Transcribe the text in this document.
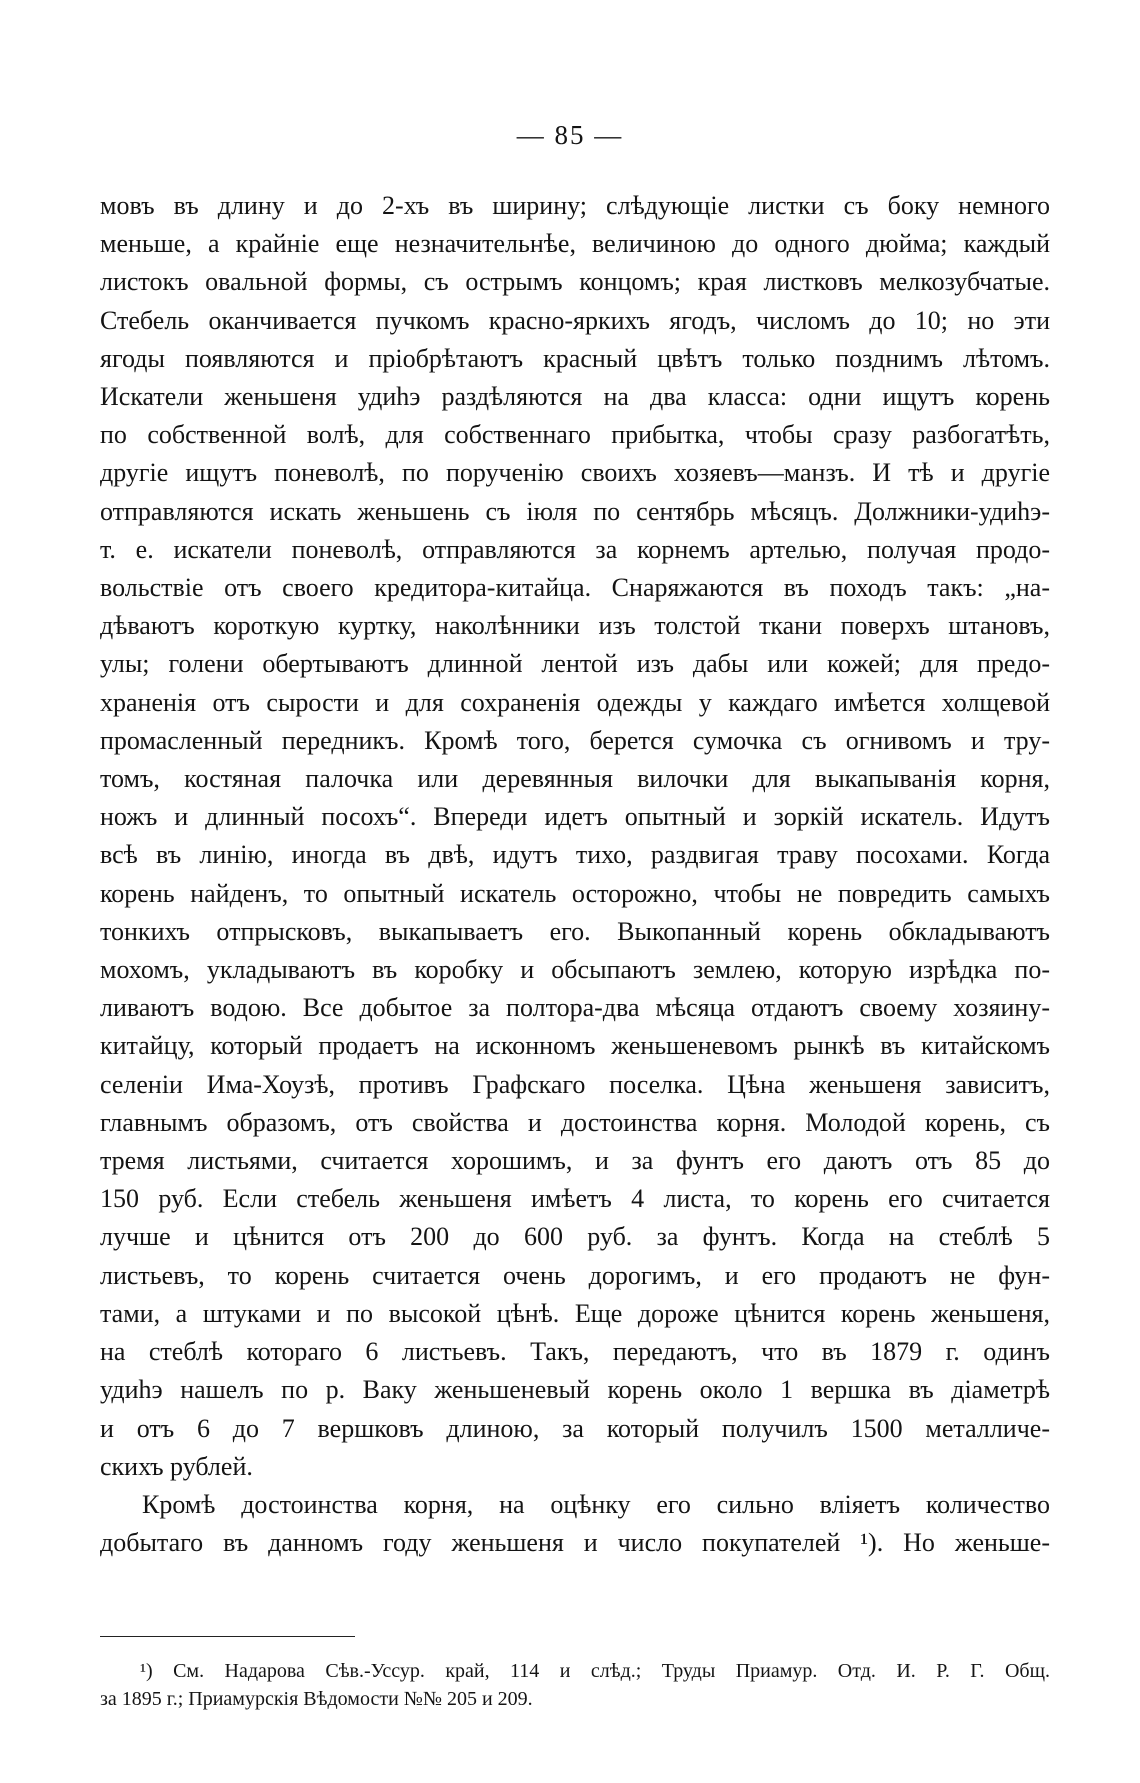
— 85 —
мовъ въ длину и до 2-хъ въ ширину; слѣдующіе листки съ боку немного
меньше, а крайніе еще незначительнѣе, величиною до одного дюйма; каждый
листокъ овальной формы, съ острымъ концомъ; края листковъ мелкозубчатые.
Стебель оканчивается пучкомъ красно-яркихъ ягодъ, числомъ до 10; но эти
ягоды появляются и пріобрѣтаютъ красный цвѣтъ только позднимъ лѣтомъ.
Искатели женьшеня удиһэ раздѣляются на два класса: одни ищутъ корень
по собственной волѣ, для собственнаго прибытка, чтобы сразу разбогатѣть,
другіе ищутъ поневолѣ, по порученію своихъ хозяевъ—манзъ. И тѣ и другіе
отправляются искать женьшень съ іюля по сентябрь мѣсяцъ. Должники-удиһэ-
т. е. искатели поневолѣ, отправляются за корнемъ артелью, получая продо-
вольствіе отъ своего кредитора-китайца. Снаряжаются въ походъ такъ: „на-
дѣваютъ короткую куртку, наколѣнники изъ толстой ткани поверхъ штановъ,
улы; голени обертываютъ длинной лентой изъ дабы или кожей; для предо-
храненія отъ сырости и для сохраненія одежды у каждаго имѣется холщевой
промасленный передникъ. Кромѣ того, берется сумочка съ огнивомъ и тру-
томъ, костяная палочка или деревянныя вилочки для выкапыванія корня,
ножъ и длинный посохъ“. Впереди идетъ опытный и зоркій искатель. Идутъ
всѣ въ линію, иногда въ двѣ, идутъ тихо, раздвигая траву посохами. Когда
корень найденъ, то опытный искатель осторожно, чтобы не повредить самыхъ
тонкихъ отпрысковъ, выкапываетъ его. Выкопанный корень обкладываютъ
мохомъ, укладываютъ въ коробку и обсыпаютъ землею, которую изрѣдка по-
ливаютъ водою. Все добытое за полтора-два мѣсяца отдаютъ своему хозяину-
китайцу, который продаетъ на исконномъ женьшеневомъ рынкѣ въ китайскомъ
селеніи Има-Хоузѣ, противъ Графскаго поселка. Цѣна женьшеня зависитъ,
главнымъ образомъ, отъ свойства и достоинства корня. Молодой корень, съ
тремя листьями, считается хорошимъ, и за фунтъ его даютъ отъ 85 до
150 руб. Если стебель женьшеня имѣетъ 4 листа, то корень его считается
лучше и цѣнится отъ 200 до 600 руб. за фунтъ. Когда на стеблѣ 5
листьевъ, то корень считается очень дорогимъ, и его продаютъ не фун-
тами, а штуками и по высокой цѣнѣ. Еще дороже цѣнится корень женьшеня,
на стеблѣ котораго 6 листьевъ. Такъ, передаютъ, что въ 1879 г. одинъ
удиһэ нашелъ по р. Ваку женьшеневый корень около 1 вершка въ діаметрѣ
и отъ 6 до 7 вершковъ длиною, за который получилъ 1500 металличе-
скихъ рублей.
Кромѣ достоинства корня, на оцѣнку его сильно вліяетъ количество
добытаго въ данномъ году женьшеня и число покупателей ¹). Но женьше-
¹) См. Надарова Сѣв.-Уссур. край, 114 и слѣд.; Труды Приамур. Отд. И. Р. Г. Общ.
за 1895 г.; Приамурскія Вѣдомости №№ 205 и 209.
